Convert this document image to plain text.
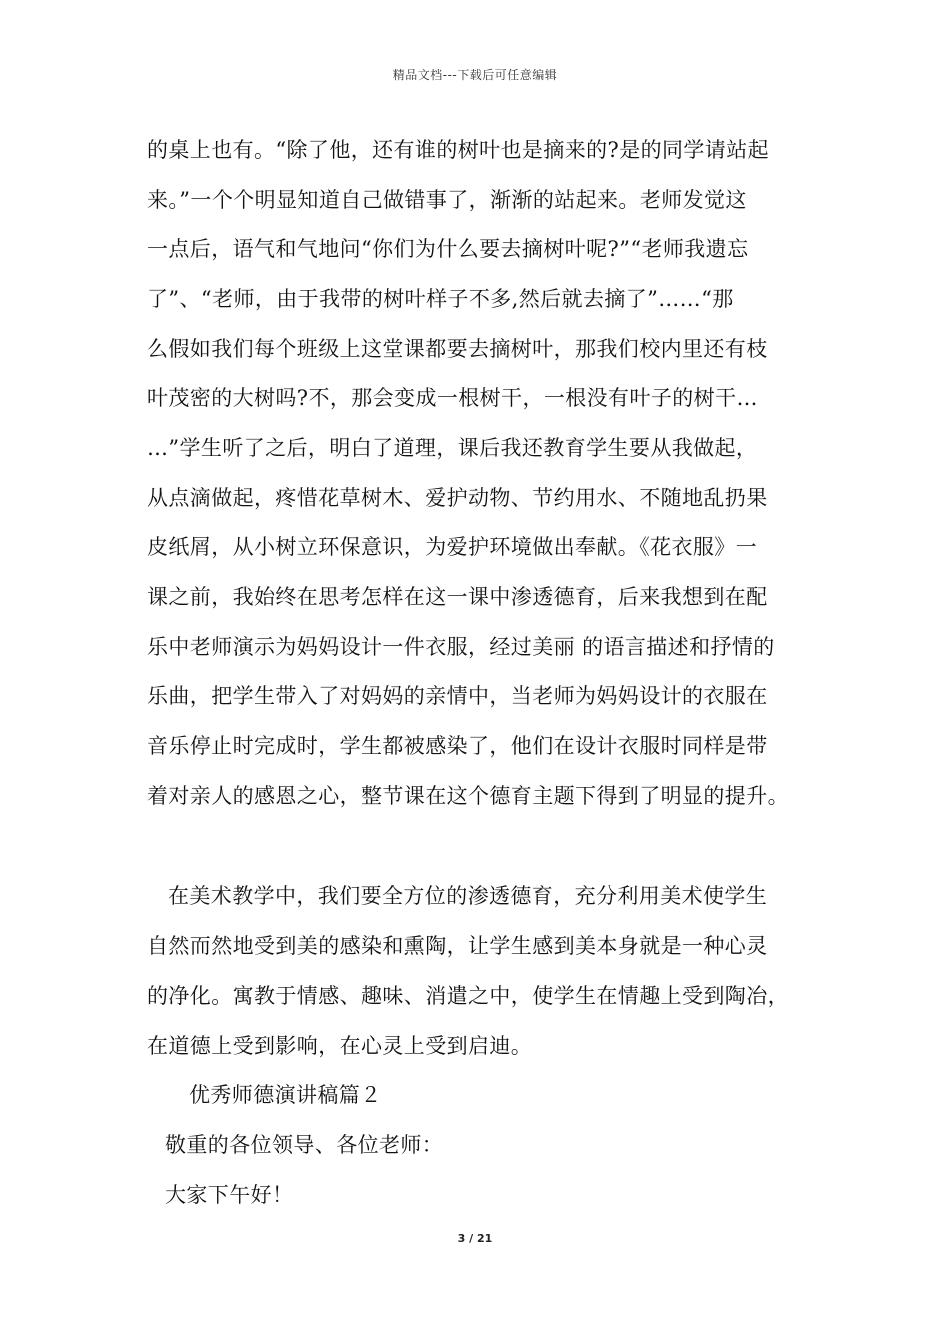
精品文档---下载后可任意编辑
的桌上也有。“除了他，还有谁的树叶也是摘来的?是的同学请站起
来。”一个个明显知道自己做错事了，渐渐的站起来。老师发觉这
一点后，语气和气地问“你们为什么要去摘树叶呢?”“老师我遗忘
了”、“老师，由于我带的树叶样子不多,然后就去摘了”……“那
么假如我们每个班级上这堂课都要去摘树叶，那我们校内里还有枝
叶茂密的大树吗?不，那会变成一根树干，一根没有叶子的树干…
…”学生听了之后，明白了道理，课后我还教育学生要从我做起，
从点滴做起，疼惜花草树木、爱护动物、节约用水、不随地乱扔果
皮纸屑，从小树立环保意识，为爱护环境做出奉献。《花衣服》一
课之前，我始终在思考怎样在这一课中渗透德育，后来我想到在配
乐中老师演示为妈妈设计一件衣服，经过美丽 的语言描述和抒情的
乐曲，把学生带入了对妈妈的亲情中，当老师为妈妈设计的衣服在
音乐停止时完成时，学生都被感染了，他们在设计衣服时同样是带
着对亲人的感恩之心，整节课在这个德育主题下得到了明显的提升。
在美术教学中，我们要全方位的渗透德育，充分利用美术使学生
自然而然地受到美的感染和熏陶，让学生感到美本身就是一种心灵
的净化。寓教于情感、趣味、消遣之中，使学生在情趣上受到陶冶，
在道德上受到影响，在心灵上受到启迪。
优秀师德演讲稿篇２
敬重的各位领导、各位老师：
大家下午好！
3 / 21
